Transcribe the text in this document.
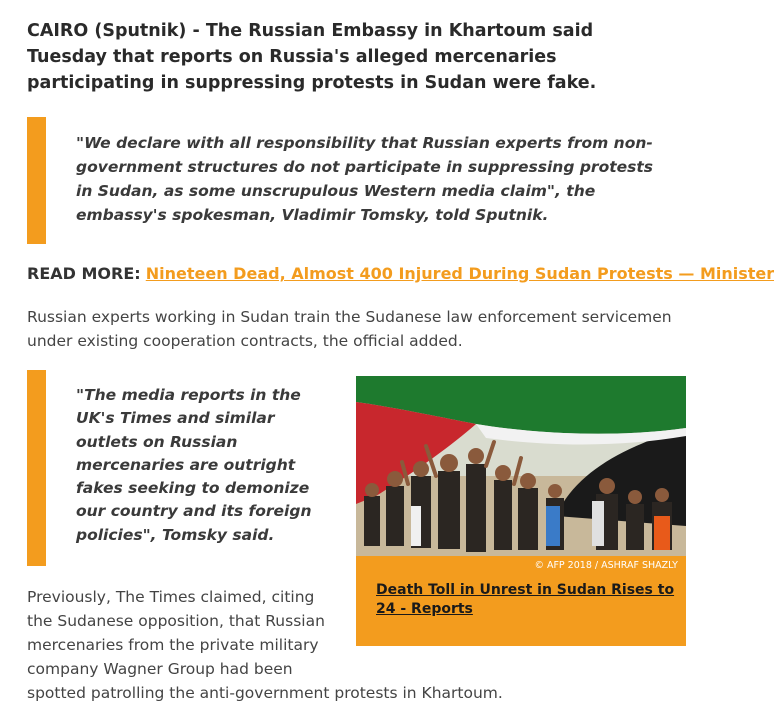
CAIRO (Sputnik) - The Russian Embassy in Khartoum said Tuesday that reports on Russia's alleged mercenaries participating in suppressing protests in Sudan were fake.

"We declare with all responsibility that Russian experts from non-government structures do not participate in suppressing protests in Sudan, as some unscrupulous Western media claim", the embassy's spokesman, Vladimir Tomsky, told Sputnik.

READ MORE: Nineteen Dead, Almost 400 Injured During Sudan Protests — Minister

Russian experts working in Sudan train the Sudanese law enforcement servicemen under existing cooperation contracts, the official added.

"The media reports in the UK's Times and similar outlets on Russian mercenaries are outright fakes seeking to demonize our country and its foreign policies", Tomsky said.

Previously, The Times claimed, citing
the Sudanese opposition, that Russian
mercenaries from the private military
company Wagner Group had been
spotted patrolling the anti-government protests in Khartoum.

© AFP 2018 / ASHRAF SHAZLY

Death Toll in Unrest in Sudan Rises to 24 - Reports
